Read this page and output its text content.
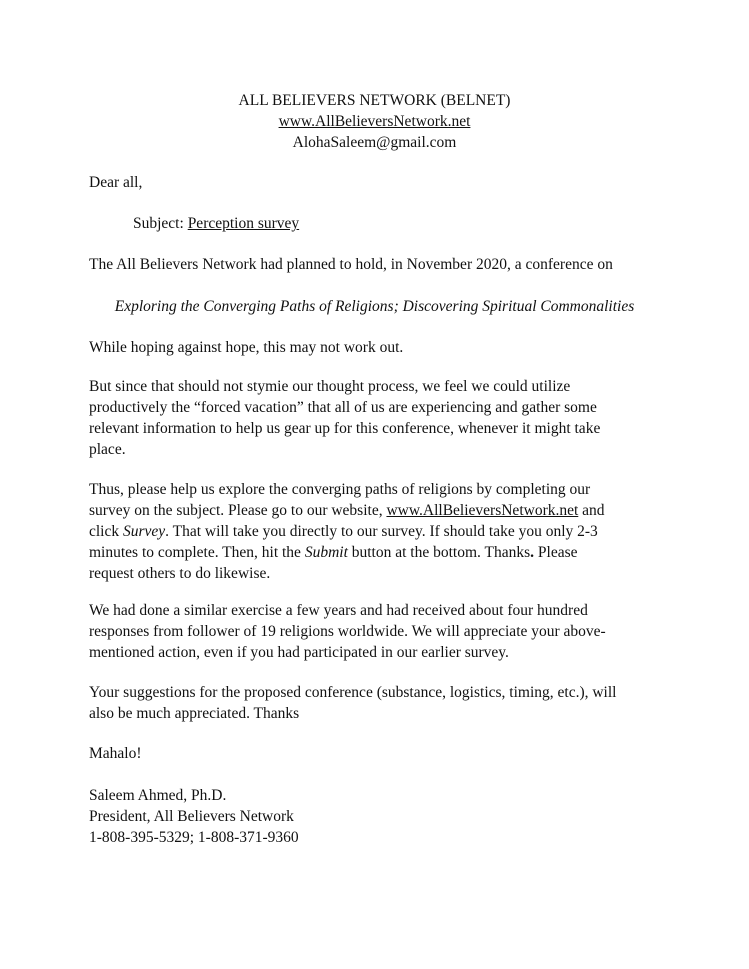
ALL BELIEVERS NETWORK (BELNET)
www.AllBelieversNetwork.net
AlohaSaleem@gmail.com
Dear all,
Subject: Perception survey
The All Believers Network had planned to hold, in November 2020, a conference on
Exploring the Converging Paths of Religions; Discovering Spiritual Commonalities
While hoping against hope, this may not work out.
But since that should not stymie our thought process, we feel we could utilize
productively the “forced vacation” that all of us are experiencing and gather some
relevant information to help us gear up for this conference, whenever it might take
place.
Thus, please help us explore the converging paths of religions by completing our
survey on the subject. Please go to our website, www.AllBelieversNetwork.net and
click Survey. That will take you directly to our survey. If should take you only 2-3
minutes to complete. Then, hit the Submit button at the bottom. Thanks. Please
request others to do likewise.
We had done a similar exercise a few years and had received about four hundred
responses from follower of 19 religions worldwide. We will appreciate your above-
mentioned action, even if you had participated in our earlier survey.
Your suggestions for the proposed conference (substance, logistics, timing, etc.), will
also be much appreciated. Thanks
Mahalo!
Saleem Ahmed, Ph.D.
President, All Believers Network
1-808-395-5329; 1-808-371-9360
